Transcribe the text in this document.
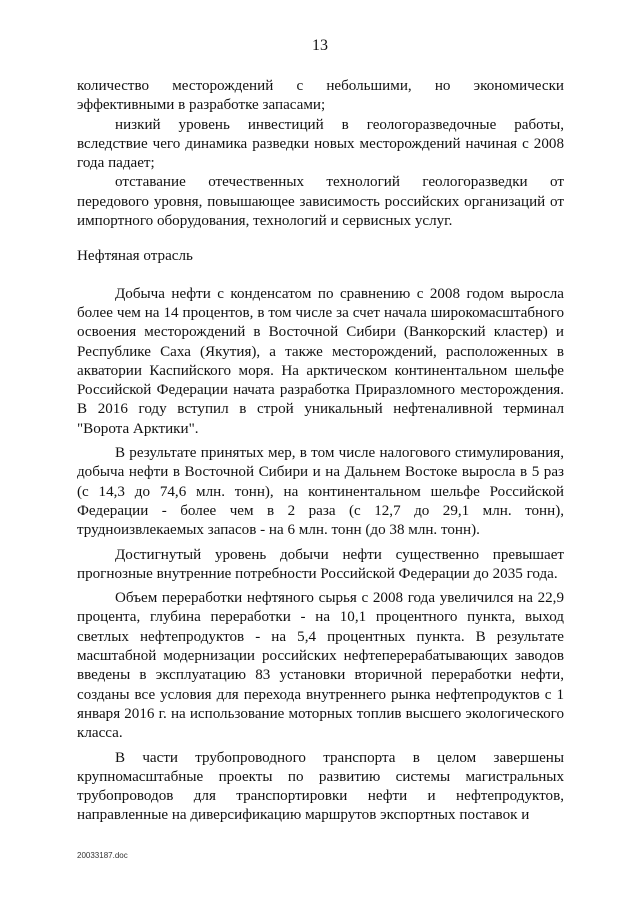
13

количество месторождений с небольшими, но экономически эффективными в разработке запасами;

низкий уровень инвестиций в геологоразведочные работы, вследствие чего динамика разведки новых месторождений начиная с 2008 года падает;

отставание отечественных технологий геологоразведки от передового уровня, повышающее зависимость российских организаций от импортного оборудования, технологий и сервисных услуг.

Нефтяная отрасль

Добыча нефти с конденсатом по сравнению с 2008 годом выросла более чем на 14 процентов, в том числе за счет начала широкомасштабного освоения месторождений в Восточной Сибири (Ванкорский кластер) и Республике Саха (Якутия), а также месторождений, расположенных в акватории Каспийского моря. На арктическом континентальном шельфе Российской Федерации начата разработка Приразломного месторождения. В 2016 году вступил в строй уникальный нефтеналивной терминал "Ворота Арктики".

В результате принятых мер, в том числе налогового стимулирования, добыча нефти в Восточной Сибири и на Дальнем Востоке выросла в 5 раз (с 14,3 до 74,6 млн. тонн), на континентальном шельфе Российской Федерации - более чем в 2 раза (с 12,7 до 29,1 млн. тонн), трудноизвлекаемых запасов - на 6 млн. тонн (до 38 млн. тонн).

Достигнутый уровень добычи нефти существенно превышает прогнозные внутренние потребности Российской Федерации до 2035 года.

Объем переработки нефтяного сырья с 2008 года увеличился на 22,9 процента, глубина переработки - на 10,1 процентного пункта, выход светлых нефтепродуктов - на 5,4 процентных пункта. В результате масштабной модернизации российских нефтеперерабатывающих заводов введены в эксплуатацию 83 установки вторичной переработки нефти, созданы все условия для перехода внутреннего рынка нефтепродуктов с 1 января 2016 г. на использование моторных топлив высшего экологического класса.

В части трубопроводного транспорта в целом завершены крупномасштабные проекты по развитию системы магистральных трубопроводов для транспортировки нефти и нефтепродуктов, направленные на диверсификацию маршрутов экспортных поставок и

20033187.doc
